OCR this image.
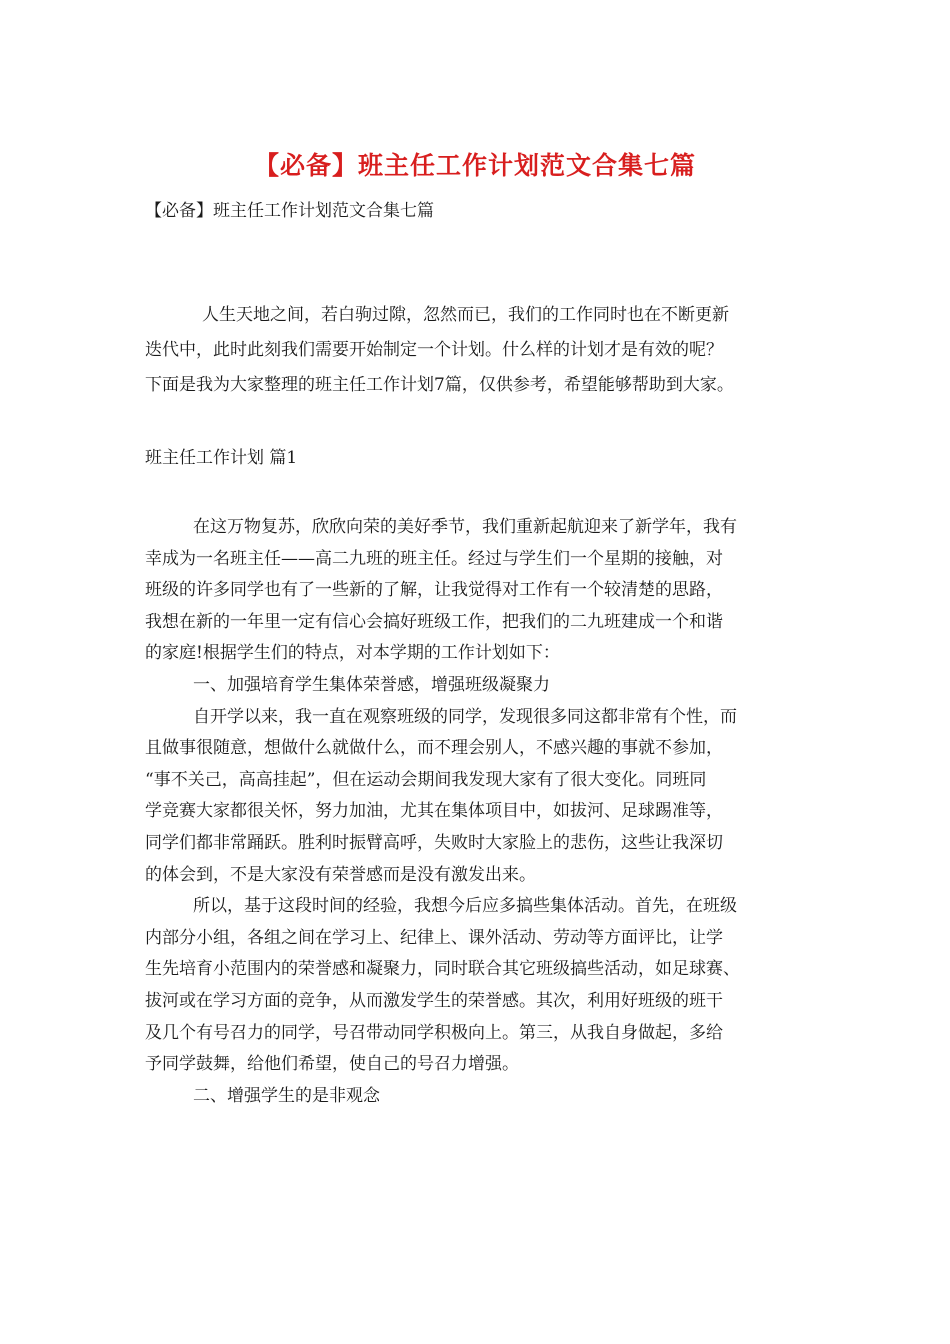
【必备】班主任工作计划范文合集七篇
【必备】班主任工作计划范文合集七篇
人生天地之间，若白驹过隙，忽然而已，我们的工作同时也在不断更新
迭代中，此时此刻我们需要开始制定一个计划。什么样的计划才是有效的呢？
下面是我为大家整理的班主任工作计划7篇，仅供参考，希望能够帮助到大家。
班主任工作计划 篇1
在这万物复苏，欣欣向荣的美好季节，我们重新起航迎来了新学年，我有
幸成为一名班主任——高二九班的班主任。经过与学生们一个星期的接触，对
班级的许多同学也有了一些新的了解，让我觉得对工作有一个较清楚的思路，
我想在新的一年里一定有信心会搞好班级工作，把我们的二九班建成一个和谐
的家庭!根据学生们的特点，对本学期的工作计划如下：
一、加强培育学生集体荣誉感，增强班级凝聚力
自开学以来，我一直在观察班级的同学，发现很多同这都非常有个性，而
且做事很随意，想做什么就做什么，而不理会别人，不感兴趣的事就不参加，
“事不关己，高高挂起”，但在运动会期间我发现大家有了很大变化。同班同
学竞赛大家都很关怀，努力加油，尤其在集体项目中，如拔河、足球踢准等，
同学们都非常踊跃。胜利时振臂高呼，失败时大家脸上的悲伤，这些让我深切
的体会到，不是大家没有荣誉感而是没有激发出来。
所以，基于这段时间的经验，我想今后应多搞些集体活动。首先，在班级
内部分小组，各组之间在学习上、纪律上、课外活动、劳动等方面评比，让学
生先培育小范围内的荣誉感和凝聚力，同时联合其它班级搞些活动，如足球赛、
拔河或在学习方面的竞争，从而激发学生的荣誉感。其次，利用好班级的班干
及几个有号召力的同学，号召带动同学积极向上。第三，从我自身做起，多给
予同学鼓舞，给他们希望，使自己的号召力增强。
二、增强学生的是非观念
